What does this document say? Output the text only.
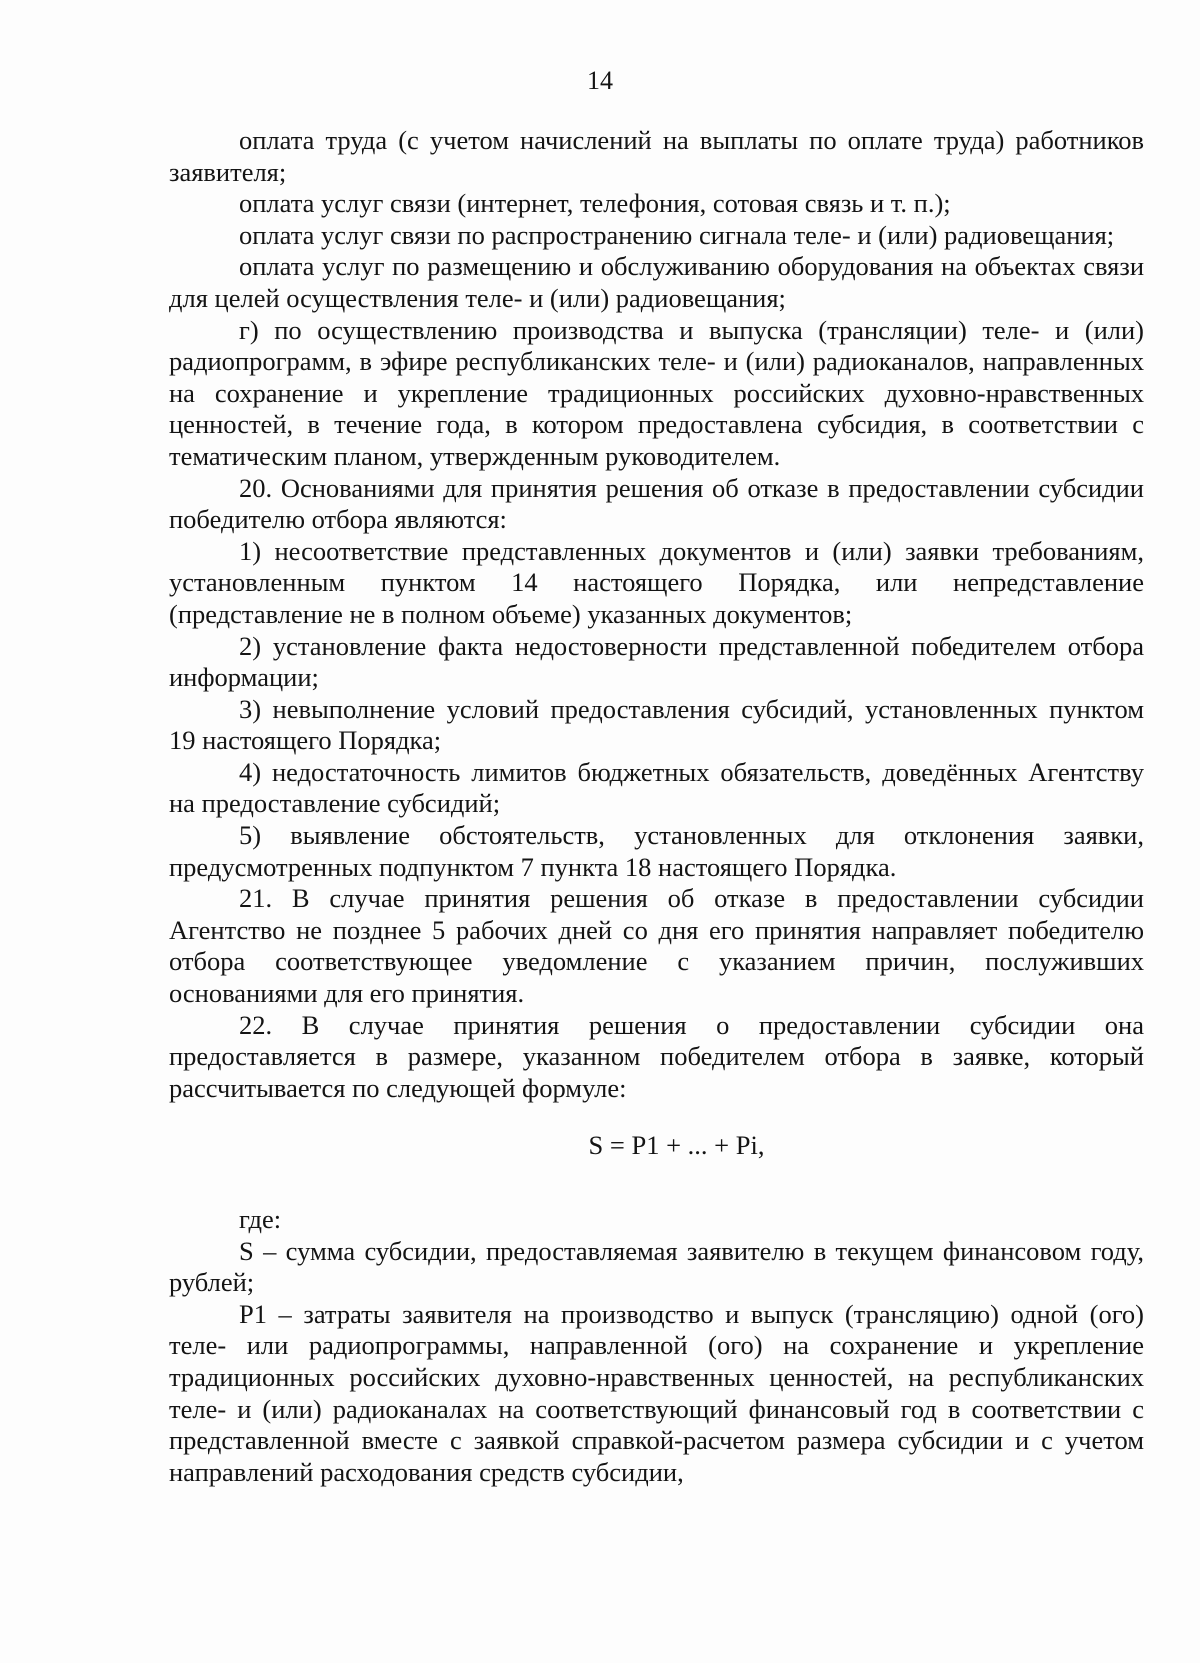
14

оплата труда (с учетом начислений на выплаты по оплате труда) работников заявителя;

оплата услуг связи (интернет, телефония, сотовая связь и т. п.);

оплата услуг связи по распространению сигнала теле- и (или) радиовещания;

оплата услуг по размещению и обслуживанию оборудования на объектах связи для целей осуществления теле- и (или) радиовещания;

г) по осуществлению производства и выпуска (трансляции) теле- и (или) радиопрограмм, в эфире республиканских теле- и (или) радиоканалов, направленных на сохранение и укрепление традиционных российских духовно-нравственных ценностей, в течение года, в котором предоставлена субсидия, в соответствии с тематическим планом, утвержденным руководителем.

20. Основаниями для принятия решения об отказе в предоставлении субсидии победителю отбора являются:

1) несоответствие представленных документов и (или) заявки требованиям, установленным пунктом 14 настоящего Порядка, или непредставление (представление не в полном объеме) указанных документов;

2) установление факта недостоверности представленной победителем отбора информации;

3) невыполнение условий предоставления субсидий, установленных пунктом 19 настоящего Порядка;

4) недостаточность лимитов бюджетных обязательств, доведённых Агентству на предоставление субсидий;

5) выявление обстоятельств, установленных для отклонения заявки, предусмотренных подпунктом 7 пункта 18 настоящего Порядка.

21. В случае принятия решения об отказе в предоставлении субсидии Агентство не позднее 5 рабочих дней со дня его принятия направляет победителю отбора соответствующее уведомление с указанием причин, послуживших основаниями для его принятия.

22. В случае принятия решения о предоставлении субсидии она предоставляется в размере, указанном победителем отбора в заявке, который рассчитывается по следующей формуле:

S = P1 + ... + Pi,

где:

S – сумма субсидии, предоставляемая заявителю в текущем финансовом году, рублей;

P1 – затраты заявителя на производство и выпуск (трансляцию) одной (ого) теле- или радиопрограммы, направленной (ого) на сохранение и укрепление традиционных российских духовно-нравственных ценностей, на республиканских теле- и (или) радиоканалах на соответствующий финансовый год в соответствии с представленной вместе с заявкой справкой-расчетом размера субсидии и с учетом направлений расходования средств субсидии,
